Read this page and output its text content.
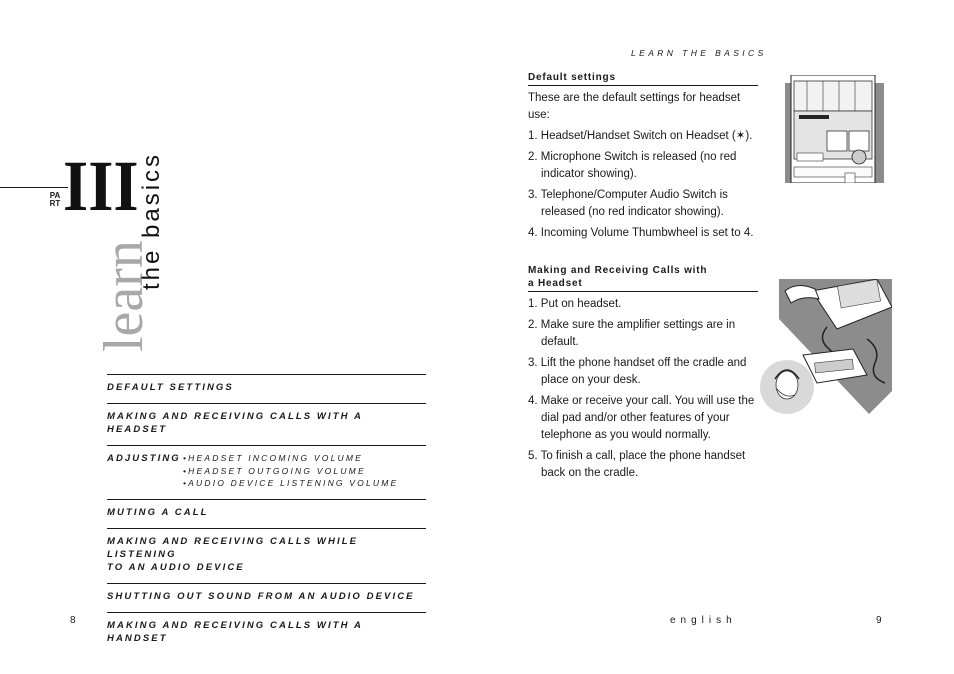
PART III
learn
the basics
DEFAULT SETTINGS
MAKING AND RECEIVING CALLS WITH A HEADSET
ADJUSTING •HEADSET INCOMING VOLUME
•HEADSET OUTGOING VOLUME
•AUDIO DEVICE LISTENING VOLUME
MUTING A CALL
MAKING AND RECEIVING CALLS WHILE LISTENING
TO AN AUDIO DEVICE
SHUTTING OUT SOUND FROM AN AUDIO DEVICE
MAKING AND RECEIVING CALLS WITH A HANDSET
8
LEARN THE BASICS
Default settings

These are the default settings for headset use:

1. Headset/Handset Switch on Headset (✶).
2. Microphone Switch is released (no red indicator showing).
3. Telephone/Computer Audio Switch is released (no red indicator showing).
4. Incoming Volume Thumbwheel is set to 4.
Making and Receiving Calls with
a Headset
1. Put on headset.
2. Make sure the amplifier settings are in default.
3. Lift the phone handset off the cradle and place on your desk.
4. Make or receive your call. You will use the dial pad and/or other features of your telephone as you would normally.
5. To finish a call, place the phone handset back on the cradle.
english	9
